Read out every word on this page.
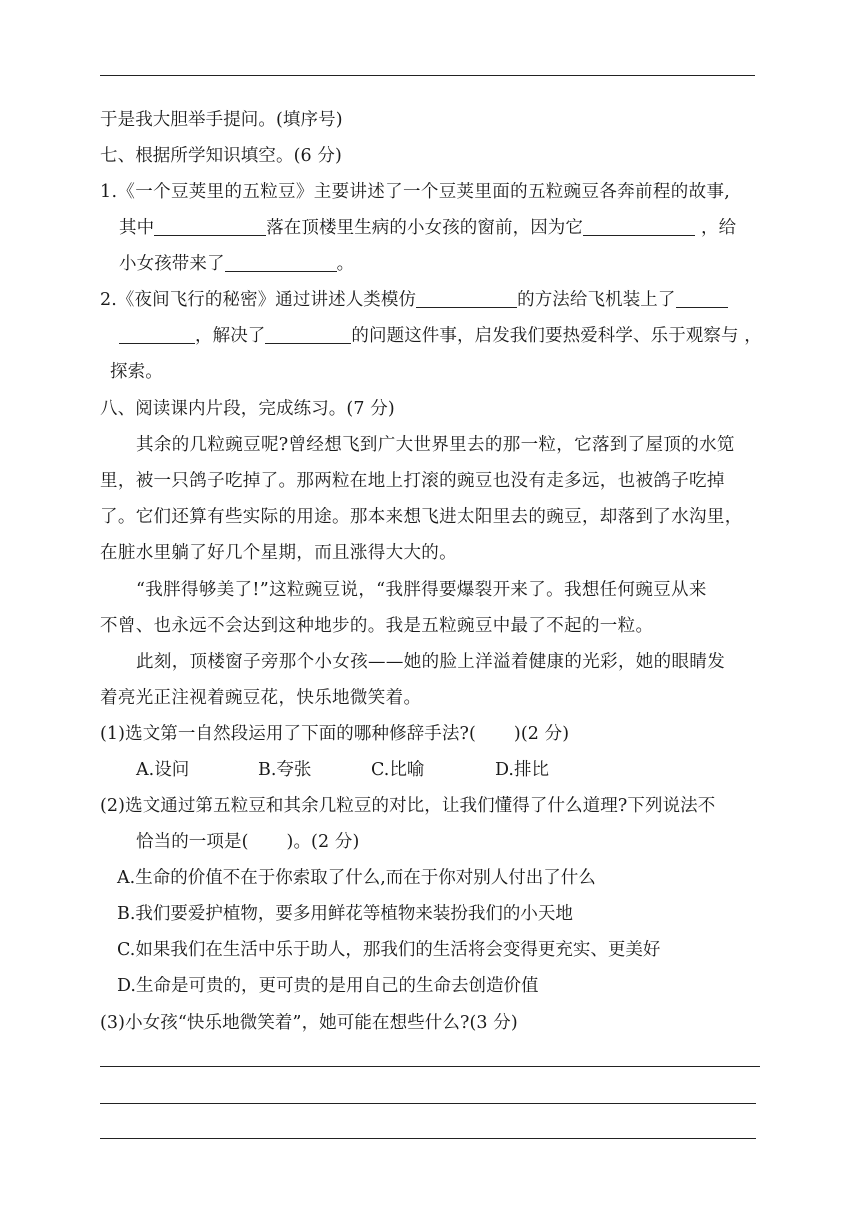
于是我大胆举手提问。(填序号)
七、根据所学知识填空。(6 分)
1.《一个豆荚里的五粒豆》主要讲述了一个豆荚里面的五粒豌豆各奔前程的故事,
其中	落在顶楼里生病的小女孩的窗前，因为它	，给
小女孩带来了	。
2.《夜间飞行的秘密》通过讲述人类模仿	的方法给飞机装上了
，解决了	的问题这件事，启发我们要热爱科学、乐于观察与 ，
探索。
八、阅读课内片段，完成练习。(7 分)
其余的几粒豌豆呢?曾经想飞到广大世界里去的那一粒，它落到了屋顶的水笕
里，被一只鸽子吃掉了。那两粒在地上打滚的豌豆也没有走多远，也被鸽子吃掉
了。它们还算有些实际的用途。那本来想飞进太阳里去的豌豆，却落到了水沟里，
在脏水里躺了好几个星期，而且涨得大大的。
“我胖得够美了!”这粒豌豆说，“我胖得要爆裂开来了。我想任何豌豆从来
不曾、也永远不会达到这种地步的。我是五粒豌豆中最了不起的一粒。
此刻，顶楼窗子旁那个小女孩——她的脸上洋溢着健康的光彩，她的眼睛发
着亮光正注视着豌豆花，快乐地微笑着。
(1)选文第一自然段运用了下面的哪种修辞手法?( )(2 分)
A.设问	B.夸张	C.比喻	D.排比
(2)选文通过第五粒豆和其余几粒豆的对比，让我们懂得了什么道理?下列说法不
恰当的一项是( )。(2 分)
A.生命的价值不在于你索取了什么,而在于你对别人付出了什么
B.我们要爱护植物，要多用鲜花等植物来装扮我们的小天地
C.如果我们在生活中乐于助人，那我们的生活将会变得更充实、更美好
D.生命是可贵的，更可贵的是用自己的生命去创造价值
(3)小女孩“快乐地微笑着”，她可能在想些什么?(3 分)
